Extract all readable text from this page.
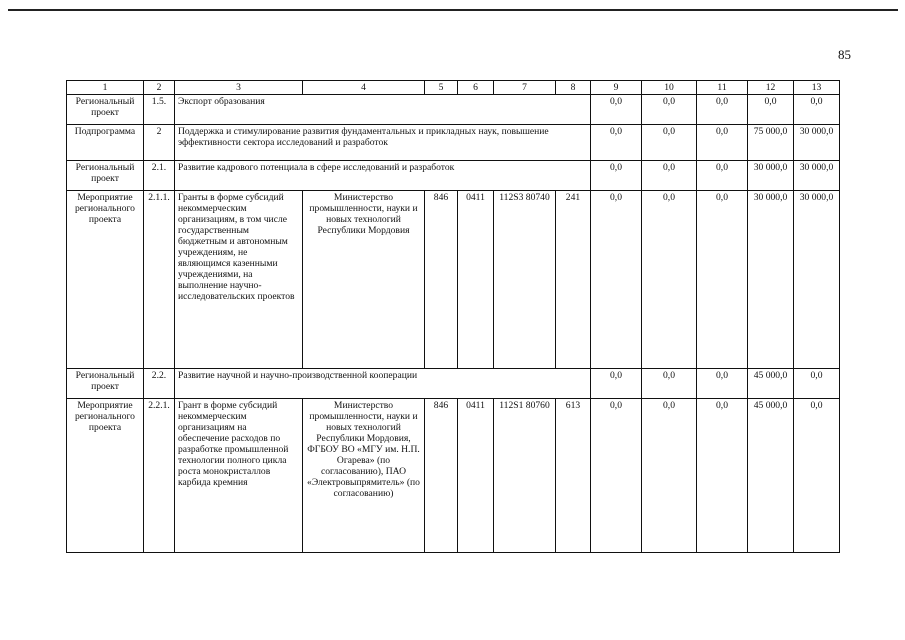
85
1	2	3	4	5	6	7	8	9	10	11	12	13
Региональный проект	1.5.	Экспорт образования						0,0	0,0	0,0	0,0	0,0
Подпрограмма	2	Поддержка и стимулирование развития фундаментальных и прикладных наук, повышение эффективности сектора исследований и разработок						0,0	0,0	0,0	75 000,0	30 000,0
Региональный проект	2.1.	Развитие кадрового потенциала в сфере исследований и разработок						0,0	0,0	0,0	30 000,0	30 000,0
Мероприятие регионального проекта	2.1.1.	Гранты в форме субсидий некоммерческим организациям, в том числе государственным бюджетным и автономным учреждениям, не являющимся казенными учреждениями, на выполнение научно-исследовательских проектов	Министерство промышленности, науки и новых технологий Республики Мордовия	846	0411	112S3 80740	241	0,0	0,0	0,0	30 000,0	30 000,0
Региональный проект	2.2.	Развитие научной и научно-производственной кооперации						0,0	0,0	0,0	45 000,0	0,0
Мероприятие регионального проекта	2.2.1.	Грант в форме субсидий некоммерческим организациям на обеспечение расходов по разработке промышленной технологии полного цикла роста монокристаллов карбида кремния	Министерство промышленности, науки и новых технологий Республики Мордовия, ФГБОУ ВО «МГУ им. Н.П. Огарева» (по согласованию), ПАО «Электровыпрямитель» (по согласованию)	846	0411	112S1 80760	613	0,0	0,0	0,0	45 000,0	0,0
